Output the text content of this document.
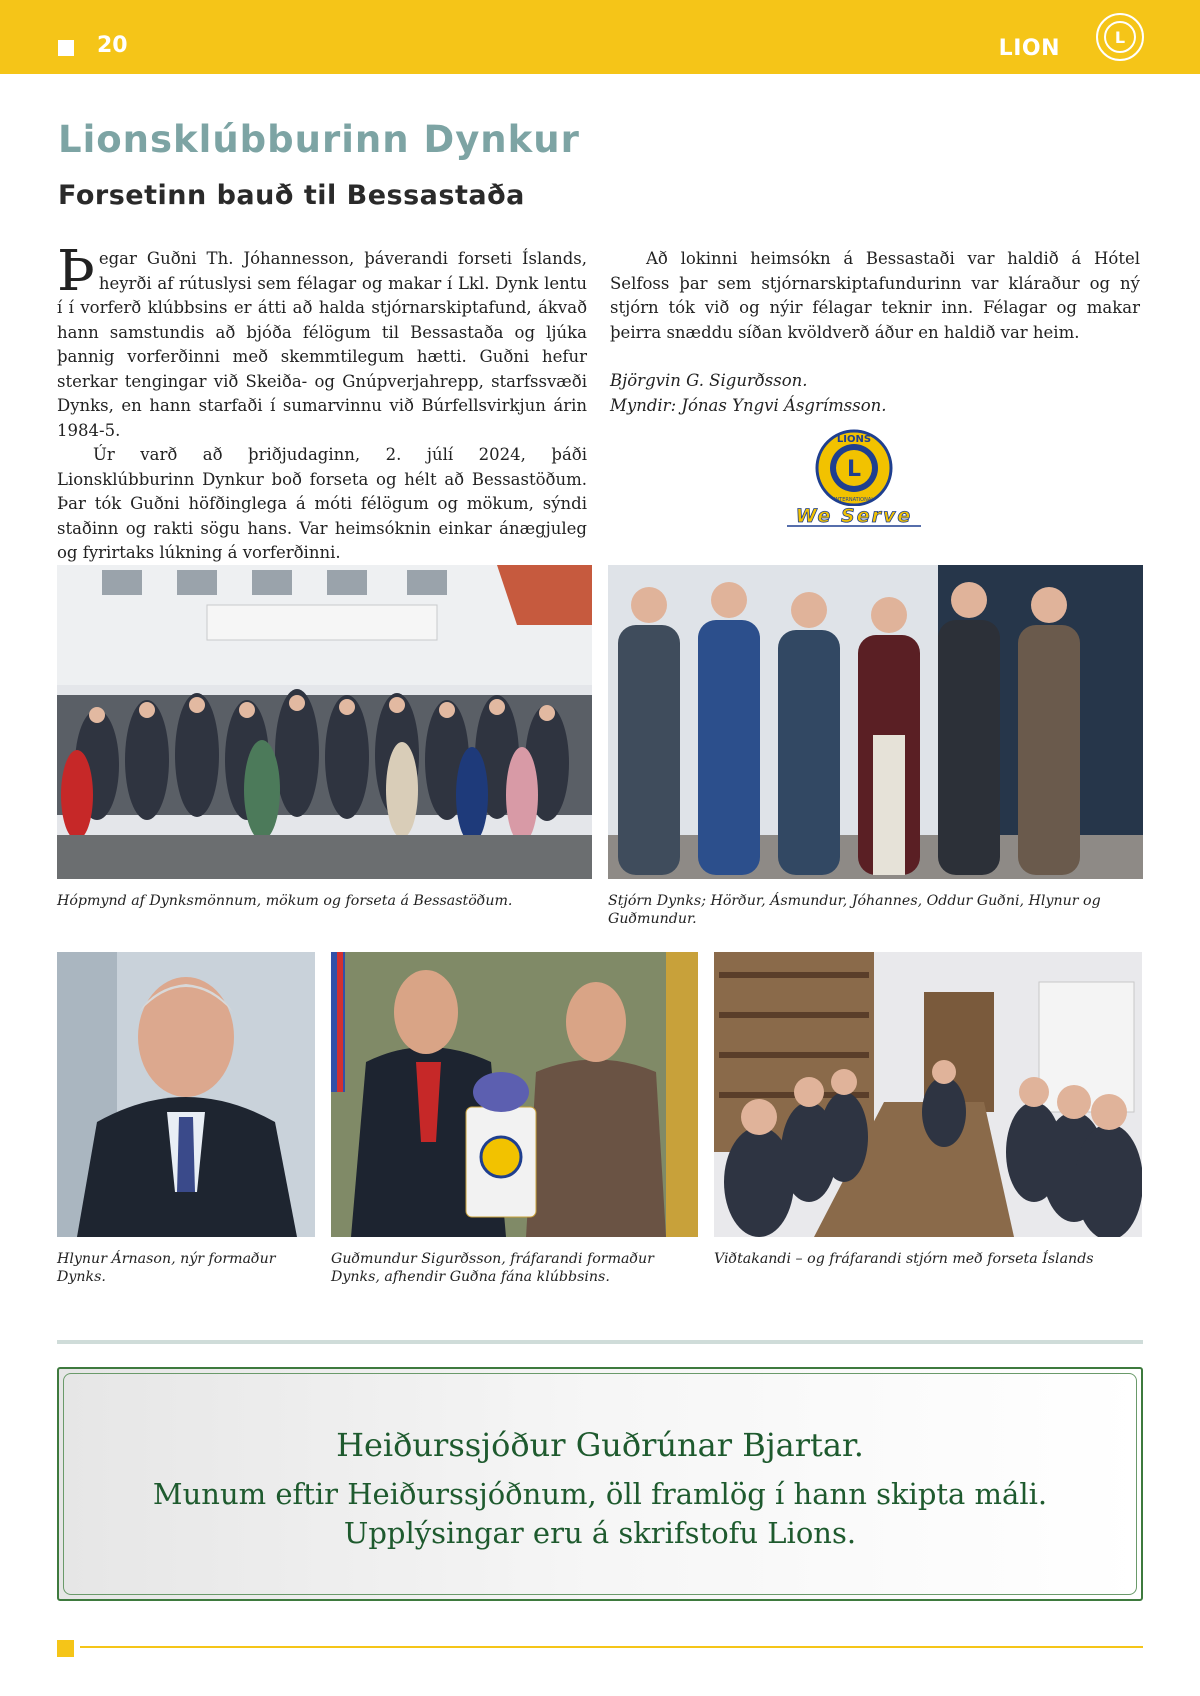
20	LION	L
Lionsklúbburinn Dynkur
Forsetinn bauð til Bessastaða

Þegar Guðni Th. Jóhannesson, þáverandi forseti Íslands, heyrði af rútuslysi sem félagar og makar í Lkl. Dynk lentu í í vorferð klúbbsins er átti að halda stjórnarskiptafund, ákvað hann samstundis að bjóða félögum til Bessastaða og ljúka þannig vorferðinni með skemmtilegum hætti. Guðni hefur sterkar tengingar við Skeiða- og Gnúpverjahrepp, starfssvæði Dynks, en hann starfaði í sumarvinnu við Búrfellsvirkjun árin 1984-5.

Úr varð að þriðjudaginn, 2. júlí 2024, þáði Lionsklúbburinn Dynkur boð forseta og hélt að Bessastöðum. Þar tók Guðni höfðinglega á móti félögum og mökum, sýndi staðinn og rakti sögu hans. Var heimsóknin einkar ánægjuleg og fyrirtaks lúkning á vorferðinni.

Að lokinni heimsókn á Bessastaði var haldið á Hótel Selfoss þar sem stjórnarskiptafundurinn var kláraður og ný stjórn tók við og nýir félagar teknir inn. Félagar og makar þeirra snæddu síðan kvöldverð áður en haldið var heim.

Björgvin G. Sigurðsson.

Myndir: Jónas Yngvi Ásgrímsson.

L
LIONS
INTERNATIONAL
We Serve

Hópmynd af Dynksmönnum, mökum og forseta á Bessastöðum.	Stjórn Dynks; Hörður, Ásmundur, Jóhannes, Oddur Guðni, Hlynur og Guðmundur.

Hlynur Árnason, nýr formaður Dynks.

Guðmundur Sigurðsson, fráfarandi formaður Dynks, afhendir Guðna fána klúbbsins.

Viðtakandi – og fráfarandi stjórn með forseta Íslands

Heiðurssjóður Guðrúnar Bjartar.

Munum eftir Heiðurssjóðnum, öll framlög í hann skipta máli.

Upplýsingar eru á skrifstofu Lions.
